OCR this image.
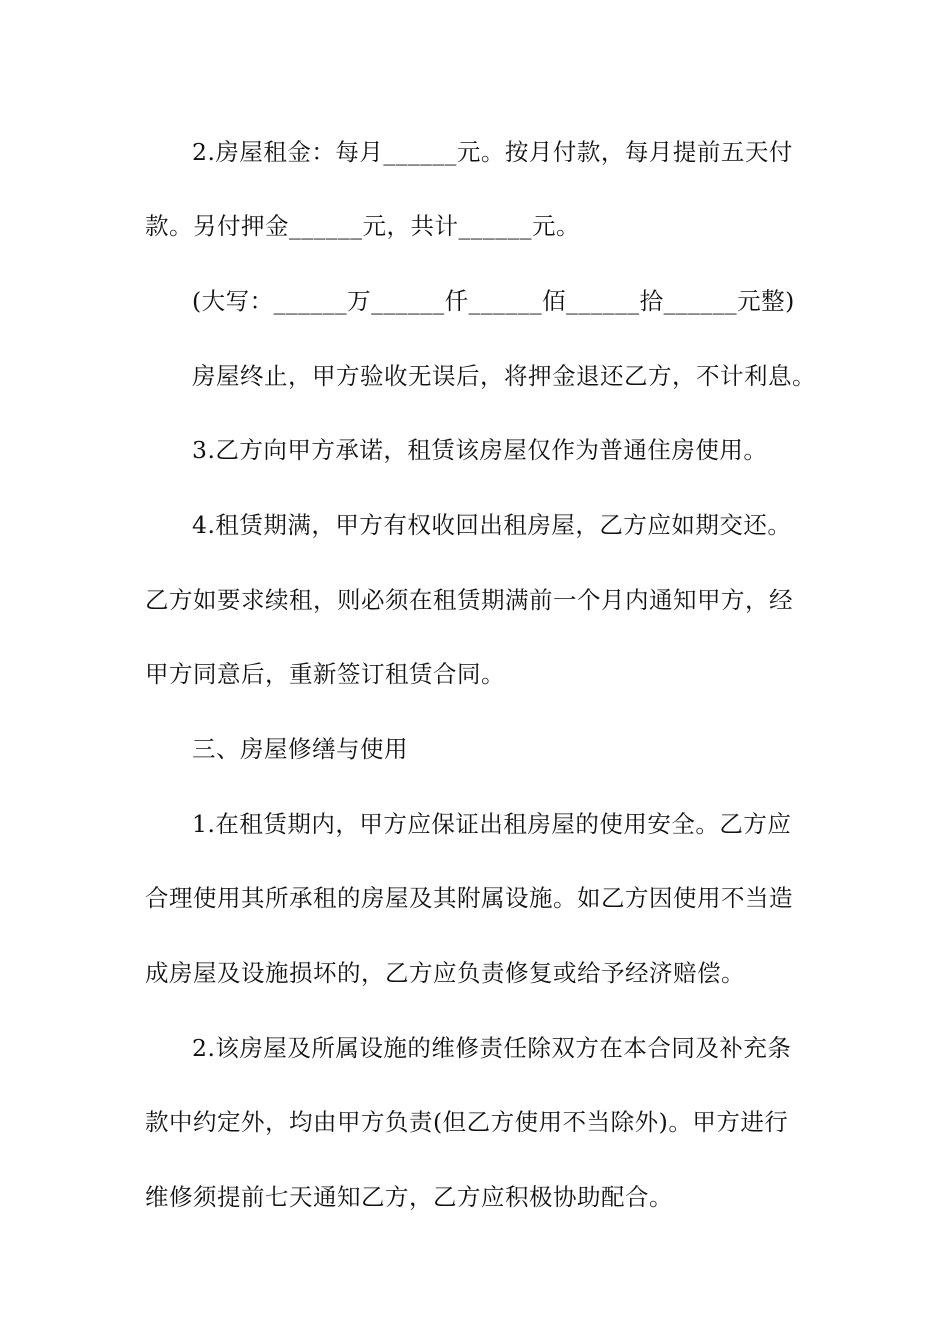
2.房屋租金：每月______元。按月付款，每月提前五天付
款。另付押金______元，共计______元。
(大写：______万______仟______佰______拾______元整)
房屋终止，甲方验收无误后，将押金退还乙方，不计利息。
3.乙方向甲方承诺，租赁该房屋仅作为普通住房使用。
4.租赁期满，甲方有权收回出租房屋，乙方应如期交还。
乙方如要求续租，则必须在租赁期满前一个月内通知甲方，经
甲方同意后，重新签订租赁合同。
三、房屋修缮与使用
1.在租赁期内，甲方应保证出租房屋的使用安全。乙方应
合理使用其所承租的房屋及其附属设施。如乙方因使用不当造
成房屋及设施损坏的，乙方应负责修复或给予经济赔偿。
2.该房屋及所属设施的维修责任除双方在本合同及补充条
款中约定外，均由甲方负责(但乙方使用不当除外)。甲方进行
维修须提前七天通知乙方，乙方应积极协助配合。
